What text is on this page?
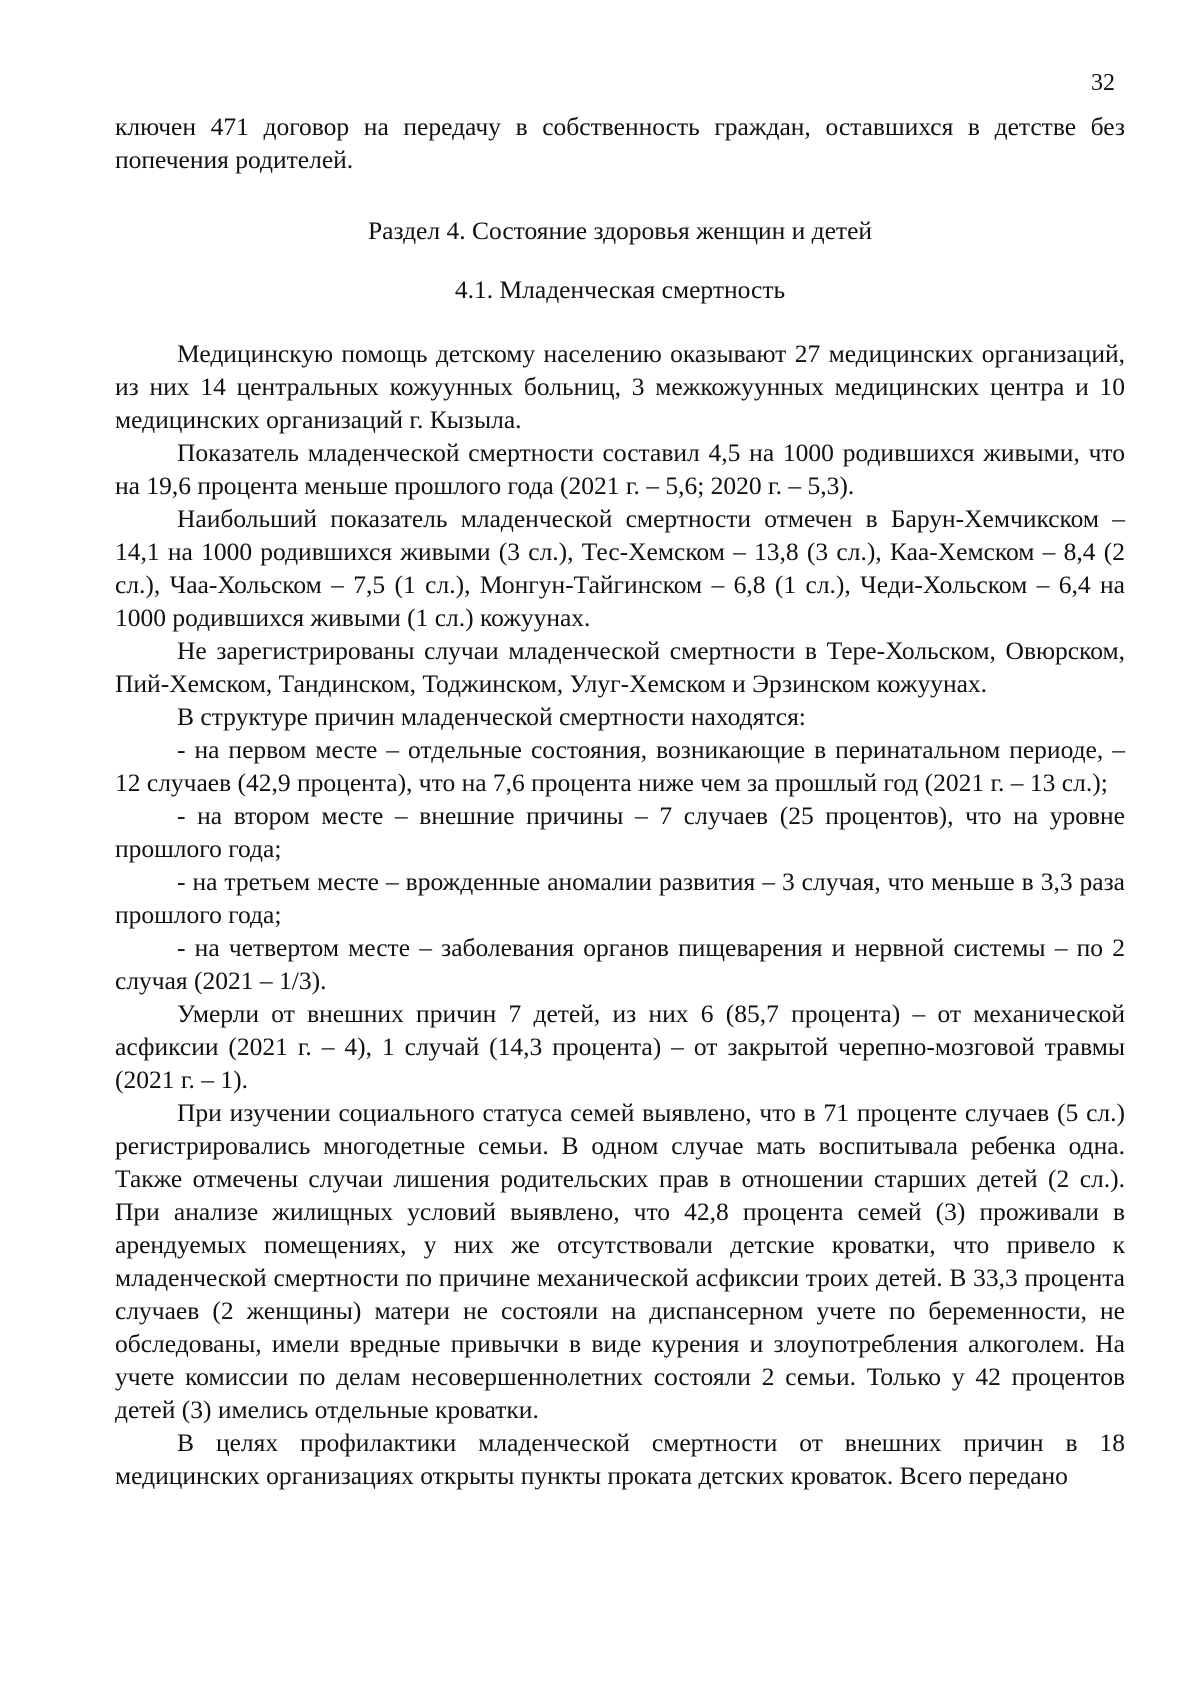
32

ключен 471 договор на передачу в собственность граждан, оставшихся в детстве без попечения родителей.

Раздел 4. Состояние здоровья женщин и детей
4.1. Младенческая смертность

Медицинскую помощь детскому населению оказывают 27 медицинских организаций, из них 14 центральных кожуунных больниц, 3 межкожуунных медицинских центра и 10 медицинских организаций г. Кызыла.

Показатель младенческой смертности составил 4,5 на 1000 родившихся живыми, что на 19,6 процента меньше прошлого года (2021 г. – 5,6; 2020 г. – 5,3).

Наибольший показатель младенческой смертности отмечен в Барун-Хемчикском – 14,1 на 1000 родившихся живыми (3 сл.), Тес-Хемском – 13,8 (3 сл.), Каа-Хемском – 8,4 (2 сл.), Чаа-Хольском – 7,5 (1 сл.), Монгун-Тайгинском – 6,8 (1 сл.), Чеди-Хольском – 6,4 на 1000 родившихся живыми (1 сл.) кожуунах.

Не зарегистрированы случаи младенческой смертности в Тере-Хольском, Овюрском, Пий-Хемском, Тандинском, Тоджинском, Улуг-Хемском и Эрзинском кожуунах.

В структуре причин младенческой смертности находятся:

- на первом месте – отдельные состояния, возникающие в перинатальном периоде, – 12 случаев (42,9 процента), что на 7,6 процента ниже чем за прошлый год (2021 г. – 13 сл.);

- на втором месте – внешние причины – 7 случаев (25 процентов), что на уровне прошлого года;

- на третьем месте – врожденные аномалии развития – 3 случая, что меньше в 3,3 раза прошлого года;

- на четвертом месте – заболевания органов пищеварения и нервной системы – по 2 случая (2021 – 1/3).

Умерли от внешних причин 7 детей, из них 6 (85,7 процента) – от механической асфиксии (2021 г. – 4), 1 случай (14,3 процента) – от закрытой черепно-мозговой травмы (2021 г. – 1).

При изучении социального статуса семей выявлено, что в 71 проценте случаев (5 сл.) регистрировались многодетные семьи. В одном случае мать воспитывала ребенка одна. Также отмечены случаи лишения родительских прав в отношении старших детей (2 сл.). При анализе жилищных условий выявлено, что 42,8 процента семей (3) проживали в арендуемых помещениях, у них же отсутствовали детские кроватки, что привело к младенческой смертности по причине механической асфиксии троих детей. В 33,3 процента случаев (2 женщины) матери не состояли на диспансерном учете по беременности, не обследованы, имели вредные привычки в виде курения и злоупотребления алкоголем. На учете комиссии по делам несовершеннолетних состояли 2 семьи. Только у 42 процентов детей (3) имелись отдельные кроватки.

В целях профилактики младенческой смертности от внешних причин в 18 медицинских организациях открыты пункты проката детских кроваток. Всего передано
